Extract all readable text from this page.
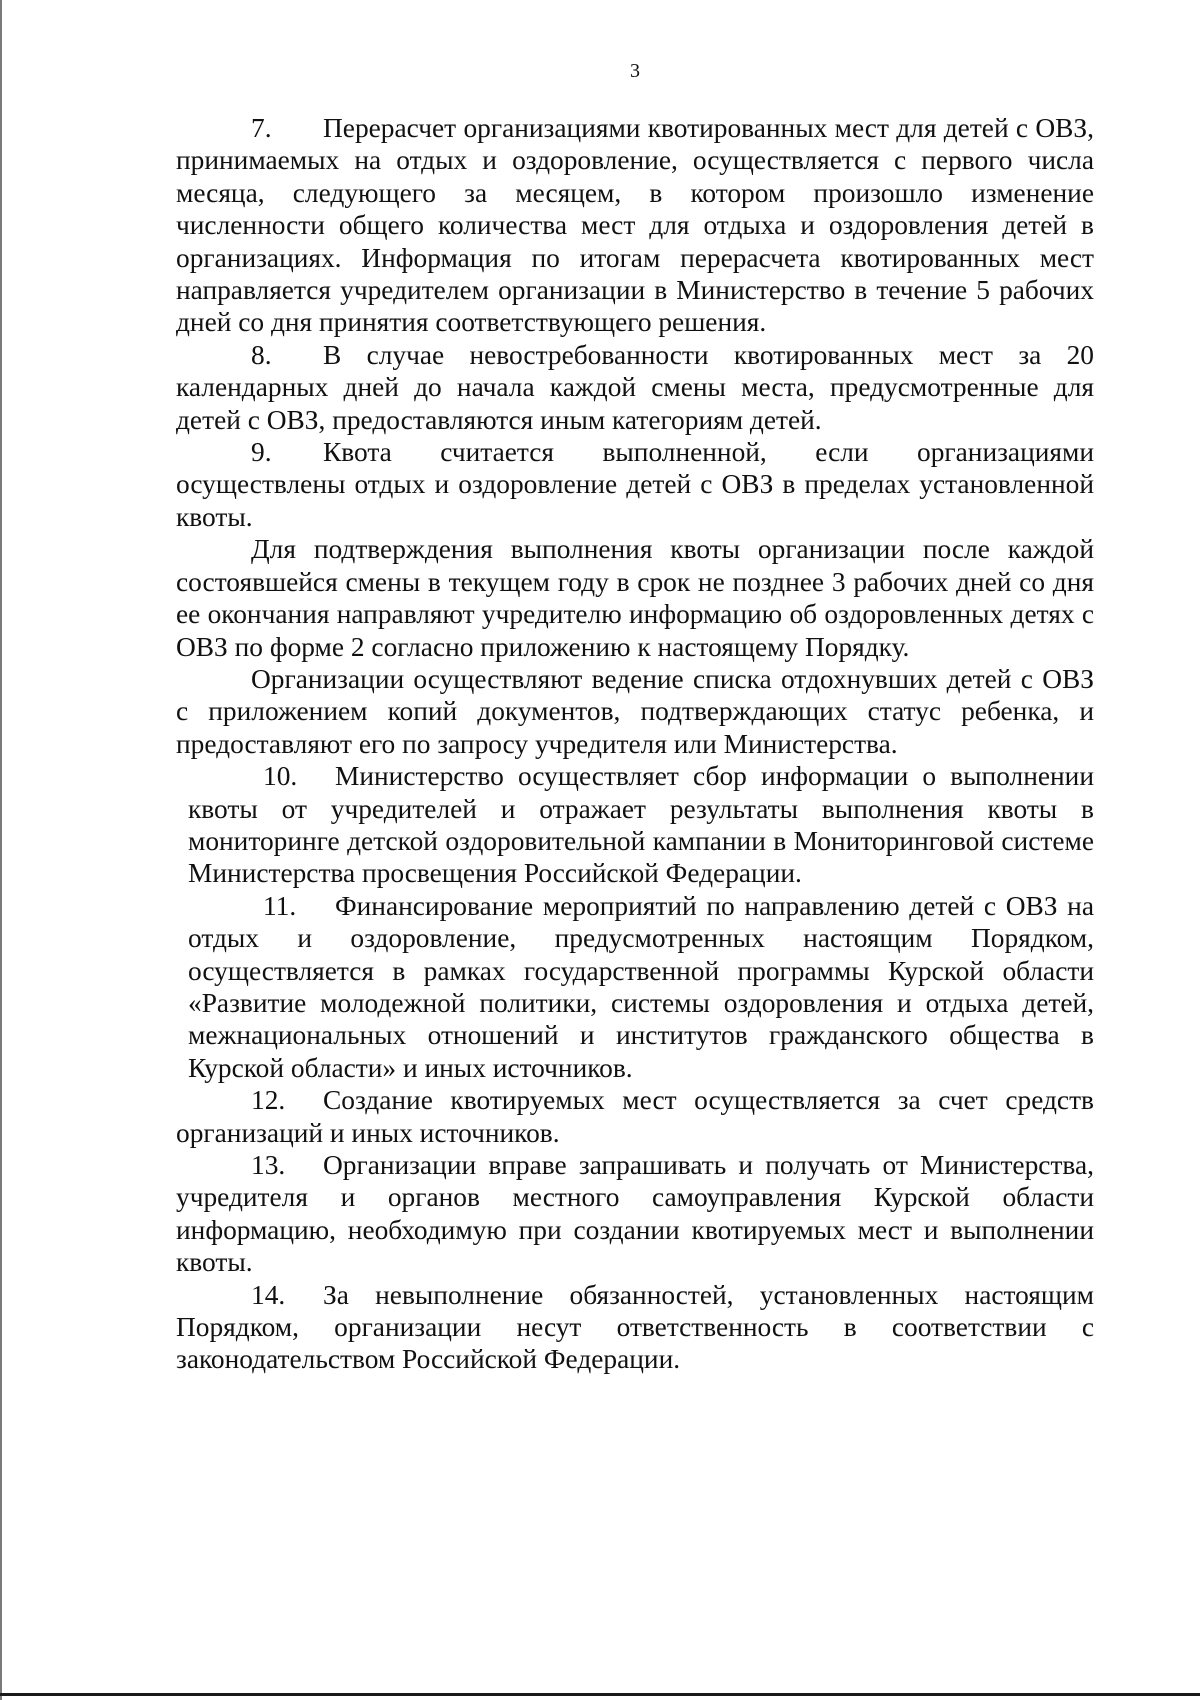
3

7. Перерасчет организациями квотированных мест для детей с ОВЗ, принимаемых на отдых и оздоровление, осуществляется с первого числа месяца, следующего за месяцем, в котором произошло изменение численности общего количества мест для отдыха и оздоровления детей в организациях. Информация по итогам перерасчета квотированных мест направляется учредителем организации в Министерство в течение 5 рабочих дней со дня принятия соответствующего решения.

8. В случае невостребованности квотированных мест за 20 календарных дней до начала каждой смены места, предусмотренные для детей с ОВЗ, предоставляются иным категориям детей.

9. Квота считается выполненной, если организациями осуществлены отдых и оздоровление детей с ОВЗ в пределах установленной квоты.

Для подтверждения выполнения квоты организации после каждой состоявшейся смены в текущем году в срок не позднее 3 рабочих дней со дня ее окончания направляют учредителю информацию об оздоровленных детях с ОВЗ по форме 2 согласно приложению к настоящему Порядку.

Организации осуществляют ведение списка отдохнувших детей с ОВЗ с приложением копий документов, подтверждающих статус ребенка, и предоставляют его по запросу учредителя или Министерства.

10. Министерство осуществляет сбор информации о выполнении квоты от учредителей и отражает результаты выполнения квоты в мониторинге детской оздоровительной кампании в Мониторинговой системе Министерства просвещения Российской Федерации.

11. Финансирование мероприятий по направлению детей с ОВЗ на отдых и оздоровление, предусмотренных настоящим Порядком, осуществляется в рамках государственной программы Курской области «Развитие молодежной политики, системы оздоровления и отдыха детей, межнациональных отношений и институтов гражданского общества в Курской области» и иных источников.

12. Создание квотируемых мест осуществляется за счет средств организаций и иных источников.

13. Организации вправе запрашивать и получать от Министерства, учредителя и органов местного самоуправления Курской области информацию, необходимую при создании квотируемых мест и выполнении квоты.

14. За невыполнение обязанностей, установленных настоящим Порядком, организации несут ответственность в соответствии с законодательством Российской Федерации.
